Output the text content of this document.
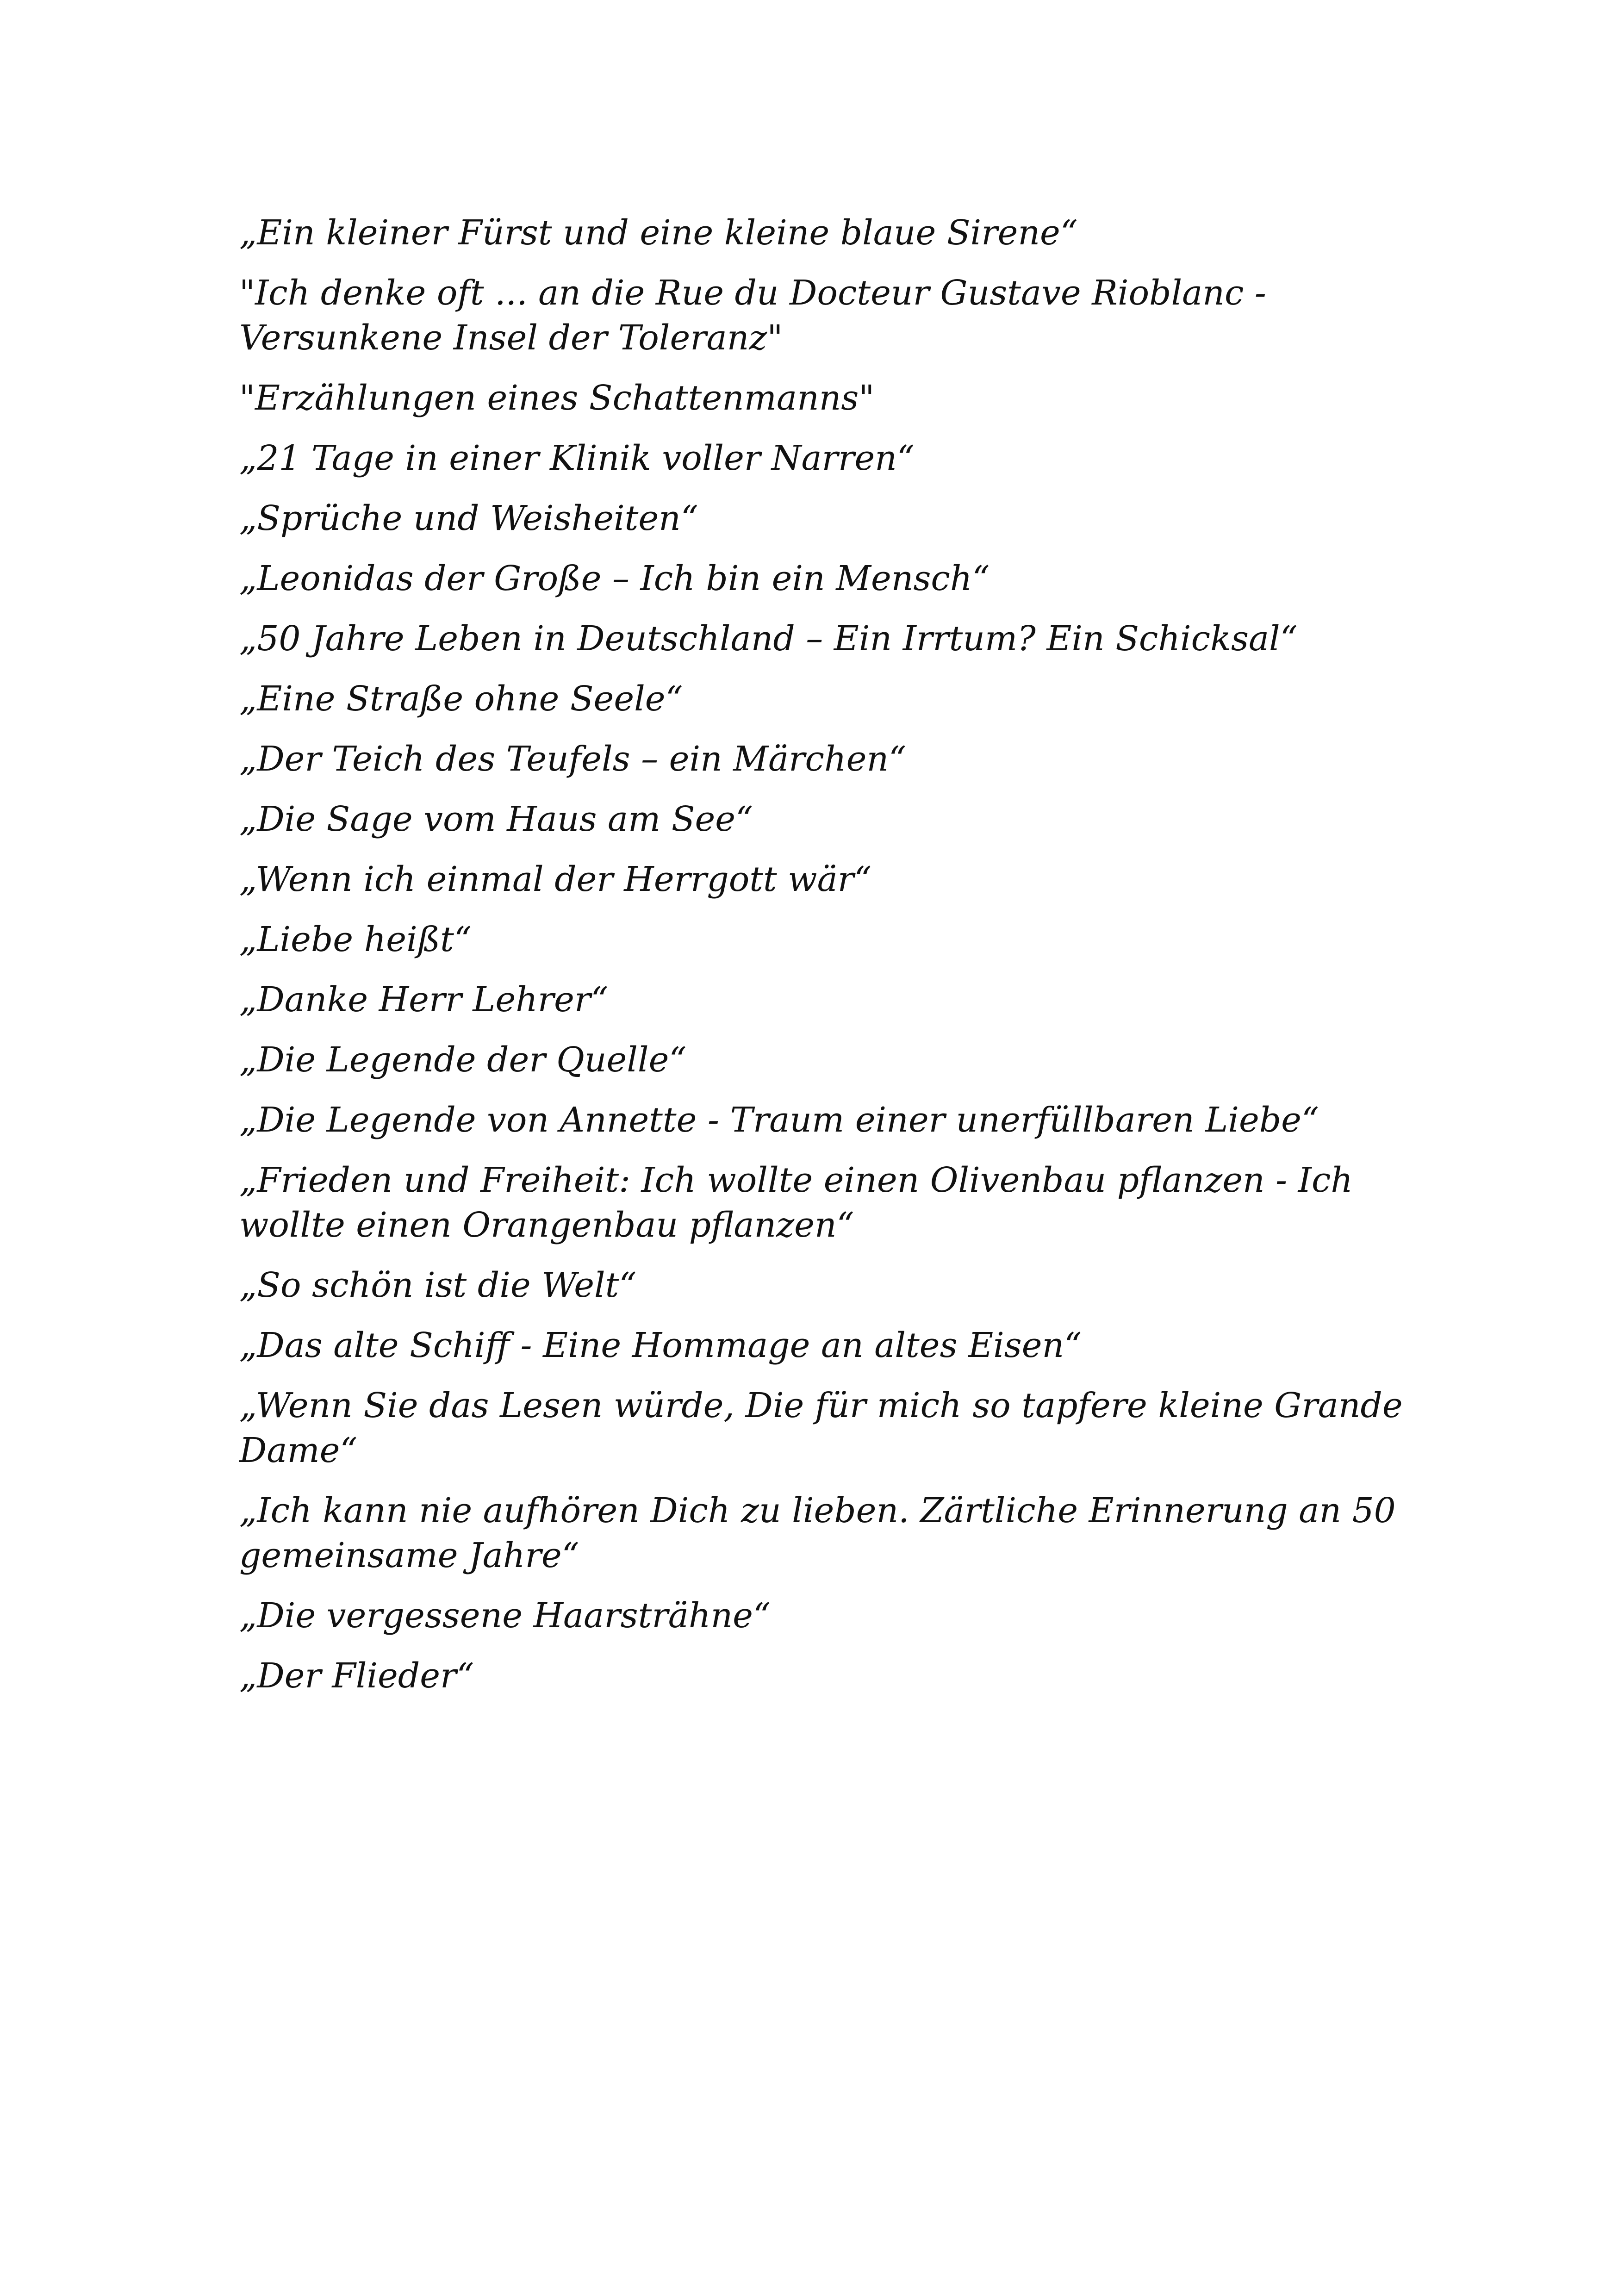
„Ein kleiner Fürst und eine kleine blaue Sirene“
"Ich denke oft ... an die Rue du Docteur Gustave Rioblanc - Versunkene Insel der Toleranz"
"Erzählungen eines Schattenmanns"
„21 Tage in einer Klinik voller Narren“
„Sprüche und Weisheiten“
„Leonidas der Große – Ich bin ein Mensch“
„50 Jahre Leben in Deutschland – Ein Irrtum? Ein Schicksal“
„Eine Straße ohne Seele“
„Der Teich des Teufels – ein Märchen“
„Die Sage vom Haus am See“
„Wenn ich einmal der Herrgott wär“
„Liebe heißt“
„Danke Herr Lehrer“
„Die Legende der Quelle“
„Die Legende von Annette - Traum einer unerfüllbaren Liebe“
„Frieden und Freiheit: Ich wollte einen Olivenbau pflanzen - Ich wollte einen Orangenbau pflanzen“
„So schön ist die Welt“
„Das alte Schiff - Eine Hommage an altes Eisen“
„Wenn Sie das Lesen würde, Die für mich so tapfere kleine Grande Dame“
„Ich kann nie aufhören Dich zu lieben. Zärtliche Erinnerung an 50 gemeinsame Jahre“
„Die vergessene Haarsträhne“
„Der Flieder“
